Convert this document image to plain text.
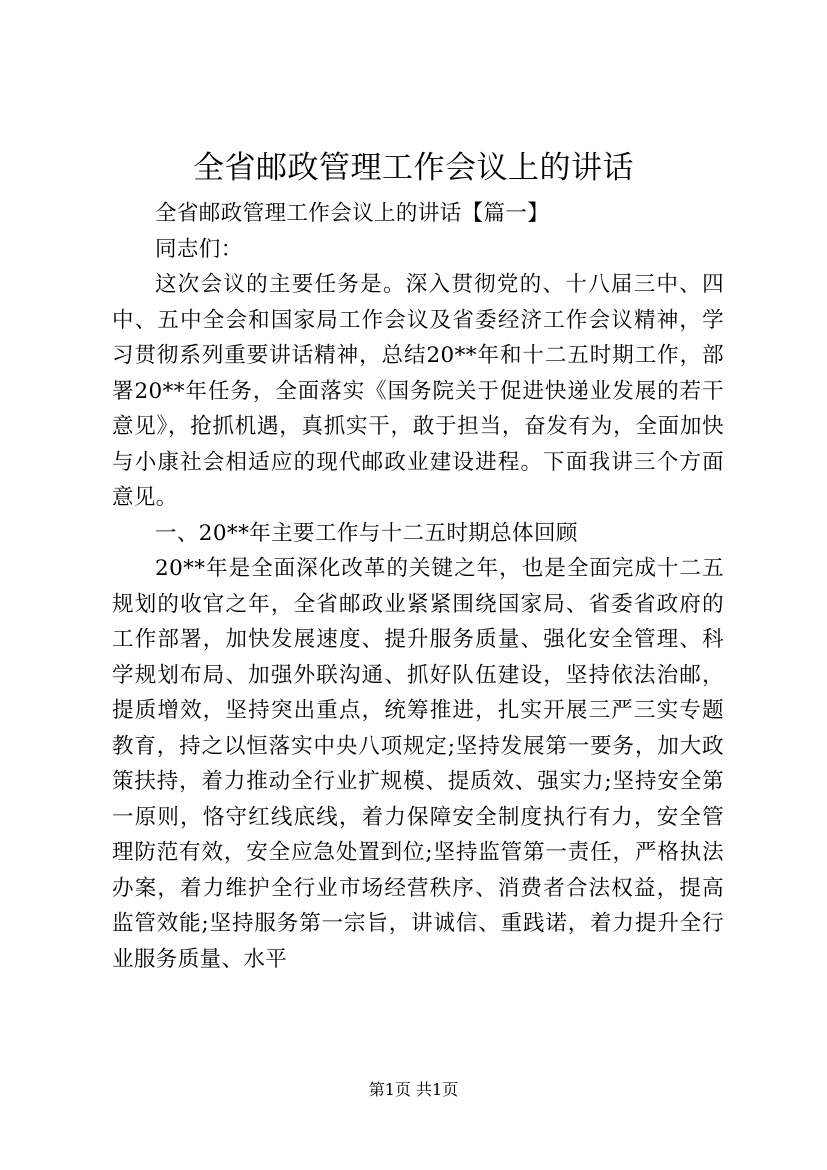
全省邮政管理工作会议上的讲话

全省邮政管理工作会议上的讲话【篇一】

同志们：

这次会议的主要任务是。深入贯彻党的、十八届三中、四中、五中全会和国家局工作会议及省委经济工作会议精神，学习贯彻系列重要讲话精神，总结20**年和十二五时期工作，部署20**年任务，全面落实《国务院关于促进快递业发展的若干意见》，抢抓机遇，真抓实干，敢于担当，奋发有为，全面加快与小康社会相适应的现代邮政业建设进程。下面我讲三个方面意见。

一、20**年主要工作与十二五时期总体回顾

20**年是全面深化改革的关键之年，也是全面完成十二五规划的收官之年，全省邮政业紧紧围绕国家局、省委省政府的工作部署，加快发展速度、提升服务质量、强化安全管理、科学规划布局、加强外联沟通、抓好队伍建设，坚持依法治邮，提质增效，坚持突出重点，统筹推进，扎实开展三严三实专题教育，持之以恒落实中央八项规定;坚持发展第一要务，加大政策扶持，着力推动全行业扩规模、提质效、强实力;坚持安全第一原则，恪守红线底线，着力保障安全制度执行有力，安全管理防范有效，安全应急处置到位;坚持监管第一责任，严格执法办案，着力维护全行业市场经营秩序、消费者合法权益，提高监管效能;坚持服务第一宗旨，讲诚信、重践诺，着力提升全行业服务质量、水平

第1页 共1页
